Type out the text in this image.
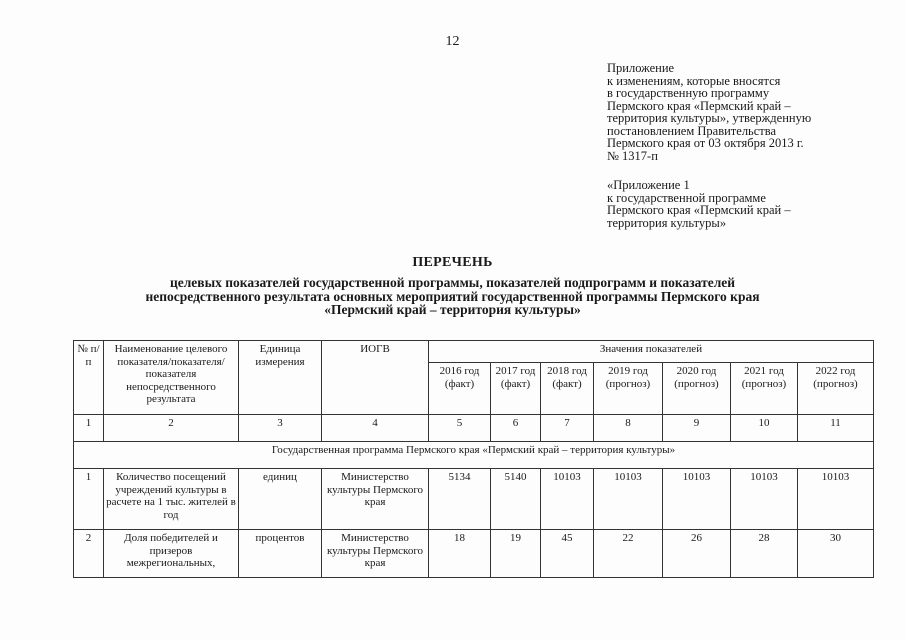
12
Приложение
к изменениям, которые вносятся
в государственную программу
Пермского края «Пермский край –
территория культуры», утвержденную
постановлением Правительства
Пермского края от 03 октября 2013 г.
№ 1317-п
«Приложение 1
к государственной программе
Пермского края «Пермский край –
территория культуры»
ПЕРЕЧЕНЬ
целевых показателей государственной программы, показателей подпрограмм и показателей
непосредственного результата основных мероприятий государственной программы Пермского края
«Пермский край – территория культуры»
№ п/п	Наименование целевого показателя/показателя/ показателя непосредственного результата	Единица измерения	ИОГВ	Значения показателей						
				2016 год (факт)	2017 год (факт)	2018 год (факт)	2019 год (прогноз)	2020 год (прогноз)	2021 год (прогноз)	2022 год (прогноз)
1	2	3	4	5	6	7	8	9	10	11
Государственная программа Пермского края «Пермский край – территория культуры»										
1	Количество посещений учреждений культуры в расчете на 1 тыс. жителей в год	единиц	Министерство культуры Пермского края	5134	5140	10103	10103	10103	10103	10103
2	Доля победителей и призеров межрегиональных,	процентов	Министерство культуры Пермского края	18	19	45	22	26	28	30
